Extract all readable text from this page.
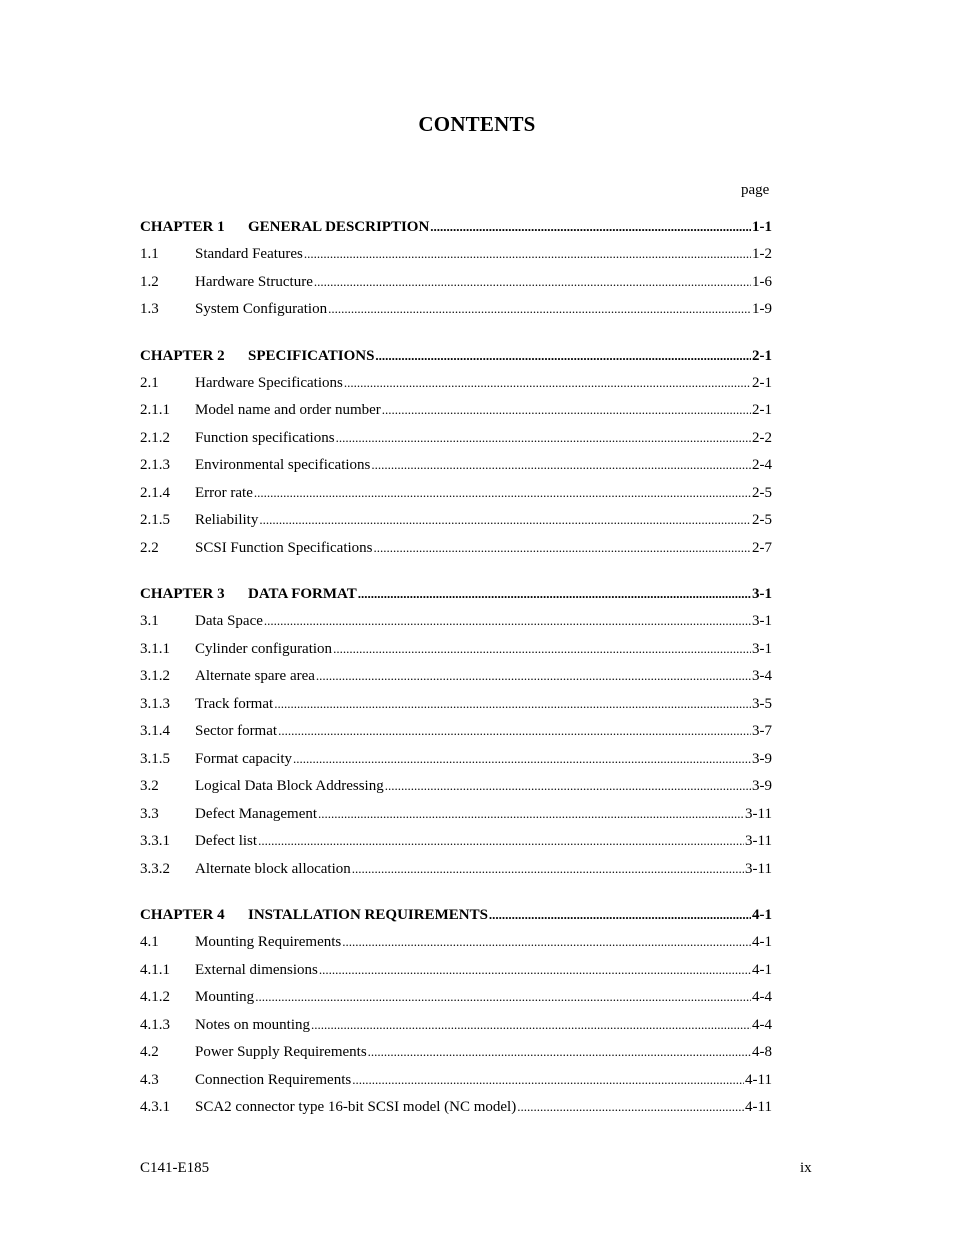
CONTENTS
page
CHAPTER 1	GENERAL DESCRIPTION .....	1-1
1.1	Standard Features .....	1-2
1.2	Hardware Structure .....	1-6
1.3	System Configuration .....	1-9
CHAPTER 2	SPECIFICATIONS .....	2-1
2.1	Hardware Specifications .....	2-1
2.1.1	Model name and order number .....	2-1
2.1.2	Function specifications .....	2-2
2.1.3	Environmental specifications .....	2-4
2.1.4	Error rate .....	2-5
2.1.5	Reliability .....	2-5
2.2	SCSI Function Specifications .....	2-7
CHAPTER 3	DATA FORMAT .....	3-1
3.1	Data Space .....	3-1
3.1.1	Cylinder configuration .....	3-1
3.1.2	Alternate spare area .....	3-4
3.1.3	Track format .....	3-5
3.1.4	Sector format .....	3-7
3.1.5	Format capacity .....	3-9
3.2	Logical Data Block Addressing .....	3-9
3.3	Defect Management .....	3-11
3.3.1	Defect list .....	3-11
3.3.2	Alternate block allocation .....	3-11
CHAPTER 4	INSTALLATION REQUIREMENTS .....	4-1
4.1	Mounting Requirements .....	4-1
4.1.1	External dimensions .....	4-1
4.1.2	Mounting .....	4-4
4.1.3	Notes on mounting .....	4-4
4.2	Power Supply Requirements .....	4-8
4.3	Connection Requirements .....	4-11
4.3.1	SCA2 connector type 16-bit SCSI model (NC model) .....	4-11
C141-E185	ix
